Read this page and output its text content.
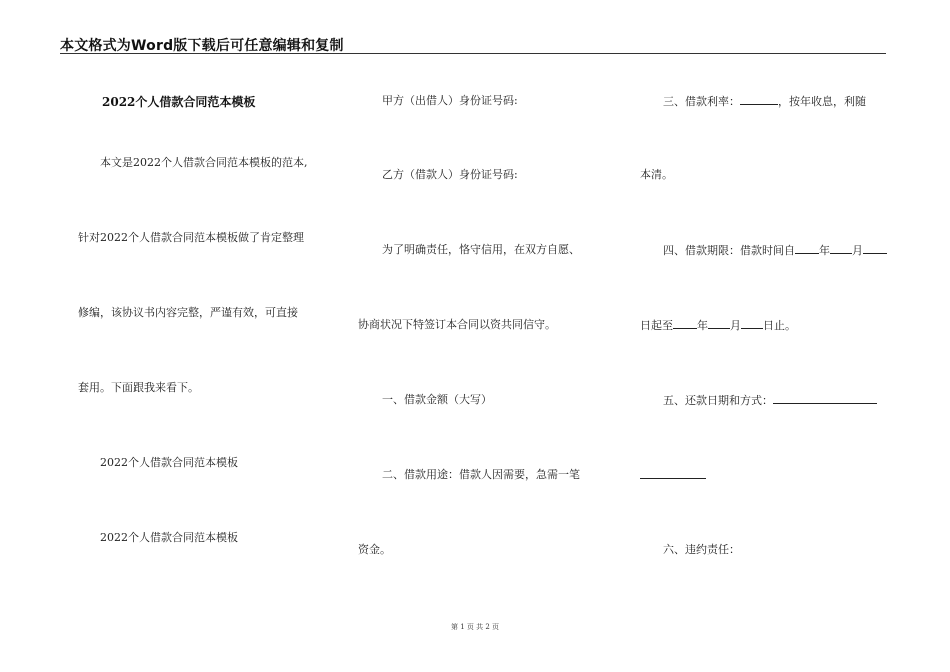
本文格式为Word版下载后可任意编辑和复制
2022个人借款合同范本模板
本文是2022个人借款合同范本模板的范本,
针对2022个人借款合同范本模板做了肯定整理
修编，该协议书内容完整，严谨有效，可直接
套用。下面跟我来看下。
2022个人借款合同范本模板
2022个人借款合同范本模板
甲方（出借人）身份证号码:
乙方（借款人）身份证号码:
为了明确责任，恪守信用，在双方自愿、
协商状况下特签订本合同以资共同信守。
一、借款金额（大写）
二、借款用途：借款人因需要，急需一笔
资金。
三、借款利率：	，按年收息，利随
本清。
四、借款期限：借款时间自 年 月
日起至 年 月 日止。
五、还款日期和方式：
六、违约责任：
第 1 页 共 2 页
